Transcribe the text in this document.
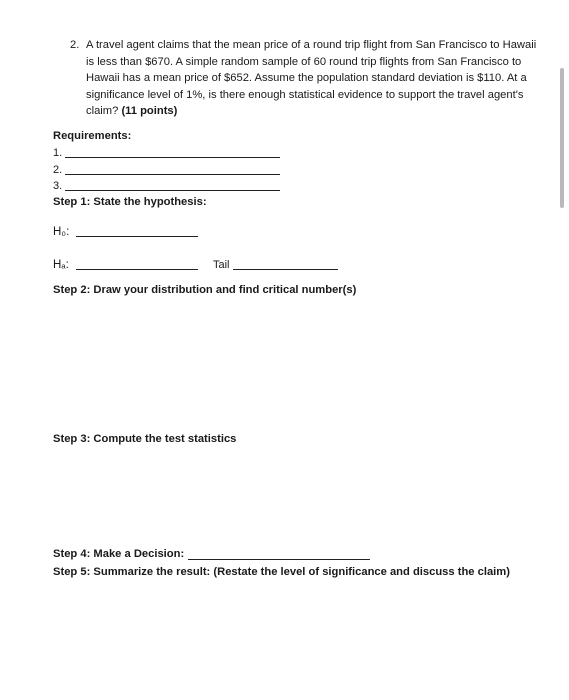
2. A travel agent claims that the mean price of a round trip flight from San Francisco to Hawaii is less than $670. A simple random sample of 60 round trip flights from San Francisco to Hawaii has a mean price of $652. Assume the population standard deviation is $110. At a significance level of 1%, is there enough statistical evidence to support the travel agent's claim? (11 points)
Requirements:
1.
2.
3.
Step 1: State the hypothesis:
H₀:
Hₐ:	Tail
Step 2: Draw your distribution and find critical number(s)
Step 3: Compute the test statistics
Step 4: Make a Decision:
Step 5: Summarize the result: (Restate the level of significance and discuss the claim)
